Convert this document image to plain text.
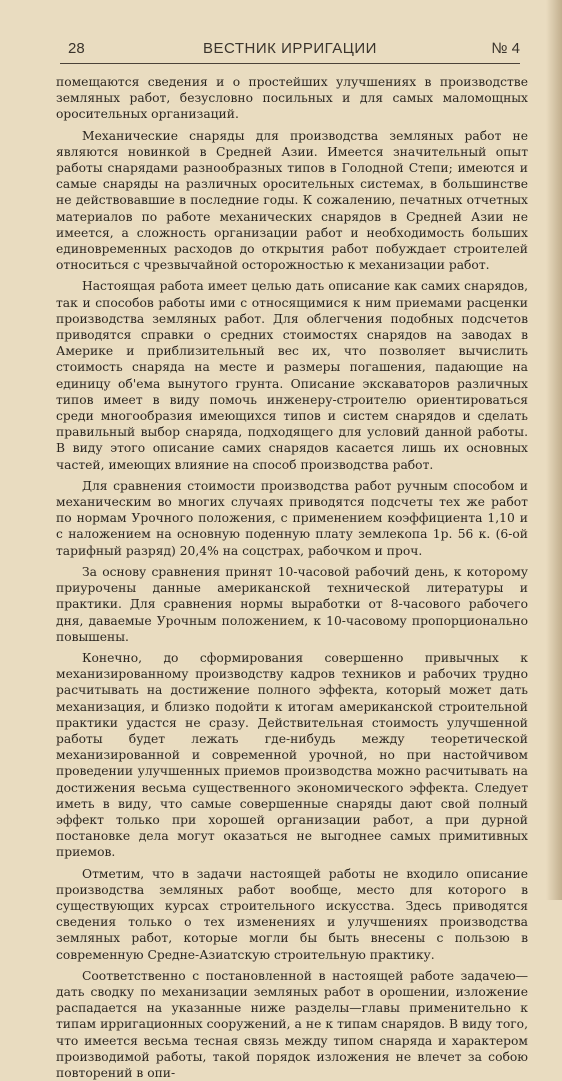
28	ВЕСТНИК ИРРИГАЦИИ	№ 4

помещаются сведения и о простейших улучшениях в производстве земляных работ, безусловно посильных и для самых маломощных оросительных организаций.

Механические снаряды для производства земляных работ не являются новинкой в Средней Азии. Имеется значительный опыт работы снарядами разнообразных типов в Голодной Степи; имеются и самые снаряды на различных оросительных системах, в большинстве не действовавшие в последние годы. К сожалению, печатных отчетных материалов по работе механических снарядов в Средней Азии не имеется, а сложность организации работ и необходимость больших единовременных расходов до открытия работ побуждает строителей относиться с чрезвычайной осторожностью к механизации работ.

Настоящая работа имеет целью дать описание как самих снарядов, так и способов работы ими с относящимися к ним приемами расценки производства земляных работ. Для облегчения подобных подсчетов приводятся справки о средних стоимостях снарядов на заводах в Америке и приблизительный вес их, что позволяет вычислить стоимость снаряда на месте и размеры погашения, падающие на единицу об'ема вынутого грунта. Описание экскаваторов различных типов имеет в виду помочь инженеру-строителю ориентироваться среди многообразия имеющихся типов и систем снарядов и сделать правильный выбор снаряда, подходящего для условий данной работы. В виду этого описание самих снарядов касается лишь их основных частей, имеющих влияние на способ производства работ.

Для сравнения стоимости производства работ ручным способом и механическим во многих случаях приводятся подсчеты тех же работ по нормам Урочного положения, с применением коэффициента 1,10 и с наложением на основную поденную плату землекопа 1р. 56 к. (6-ой тарифный разряд) 20,4% на соцстрах, рабочком и проч.

За основу сравнения принят 10-часовой рабочий день, к которому приурочены данные американской технической литературы и практики. Для сравнения нормы выработки от 8-часового рабочего дня, даваемые Урочным положением, к 10-часовому пропорционально повышены.

Конечно, до сформирования совершенно привычных к механизированному производству кадров техников и рабочих трудно расчитывать на достижение полного эффекта, который может дать механизация, и близко подойти к итогам американской строительной практики удастся не сразу. Действительная стоимость улучшенной работы будет лежать где-нибудь между теоретической механизированной и современной урочной, но при настойчивом проведении улучшенных приемов производства можно расчитывать на достижения весьма существенного экономического эффекта. Следует иметь в виду, что самые совершенные снаряды дают свой полный эффект только при хорошей организации работ, а при дурной постановке дела могут оказаться не выгоднее самых примитивных приемов.

Отметим, что в задачи настоящей работы не входило описание производства земляных работ вообще, место для которого в существующих курсах строительного искусства. Здесь приводятся сведения только о тех изменениях и улучшениях производства земляных работ, которые могли бы быть внесены с пользою в современную Средне-Азиатскую строительную практику.

Соответственно с постановленной в настоящей работе задачею—дать сводку по механизации земляных работ в орошении, изложение распадается на указанные ниже разделы—главы применительно к типам ирригационных сооружений, а не к типам снарядов. В виду того, что имеется весьма тесная связь между типом снаряда и характером производимой работы, такой порядок изложения не влечет за собою повторений в опи-
